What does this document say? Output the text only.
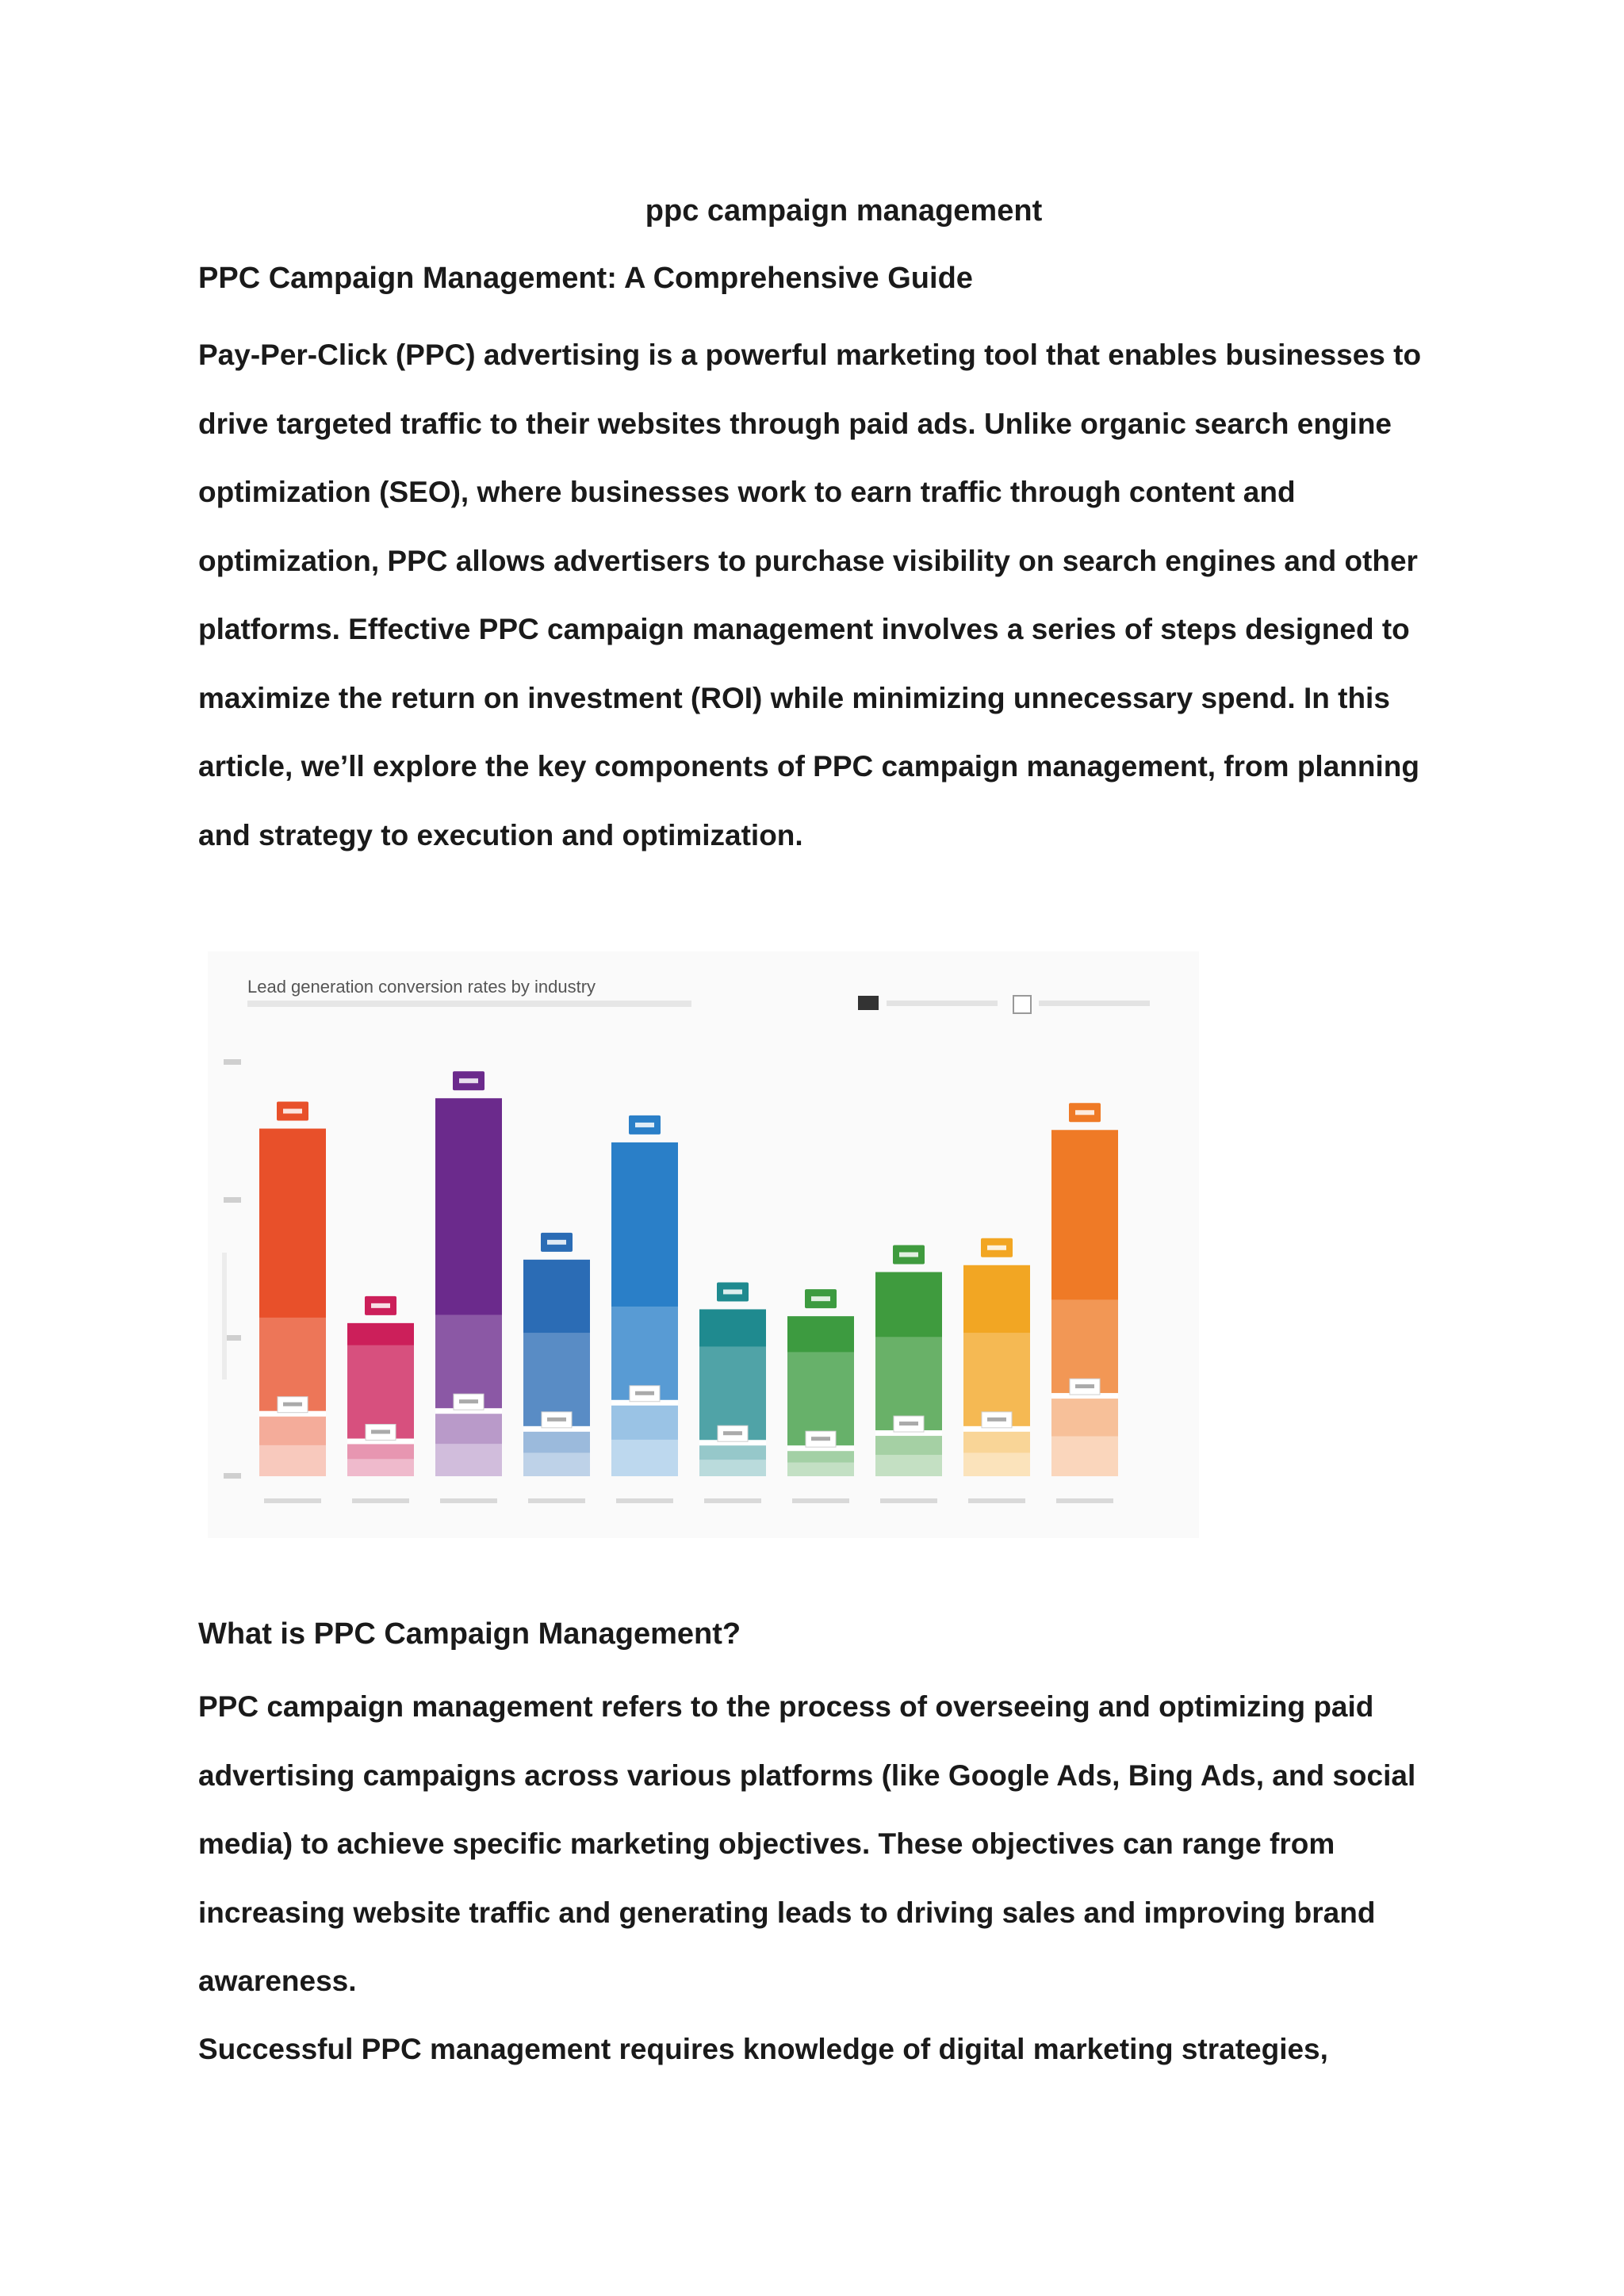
ppc campaign management
PPC Campaign Management: A Comprehensive Guide
Pay-Per-Click (PPC) advertising is a powerful marketing tool that enables businesses to drive targeted traffic to their websites through paid ads. Unlike organic search engine optimization (SEO), where businesses work to earn traffic through content and optimization, PPC allows advertisers to purchase visibility on search engines and other platforms. Effective PPC campaign management involves a series of steps designed to maximize the return on investment (ROI) while minimizing unnecessary spend. In this article, we’ll explore the key components of PPC campaign management, from planning and strategy to execution and optimization.
Lead generation conversion rates by industry
What is PPC Campaign Management?
PPC campaign management refers to the process of overseeing and optimizing paid advertising campaigns across various platforms (like Google Ads, Bing Ads, and social media) to achieve specific marketing objectives. These objectives can range from increasing website traffic and generating leads to driving sales and improving brand awareness.
Successful PPC management requires knowledge of digital marketing strategies,
